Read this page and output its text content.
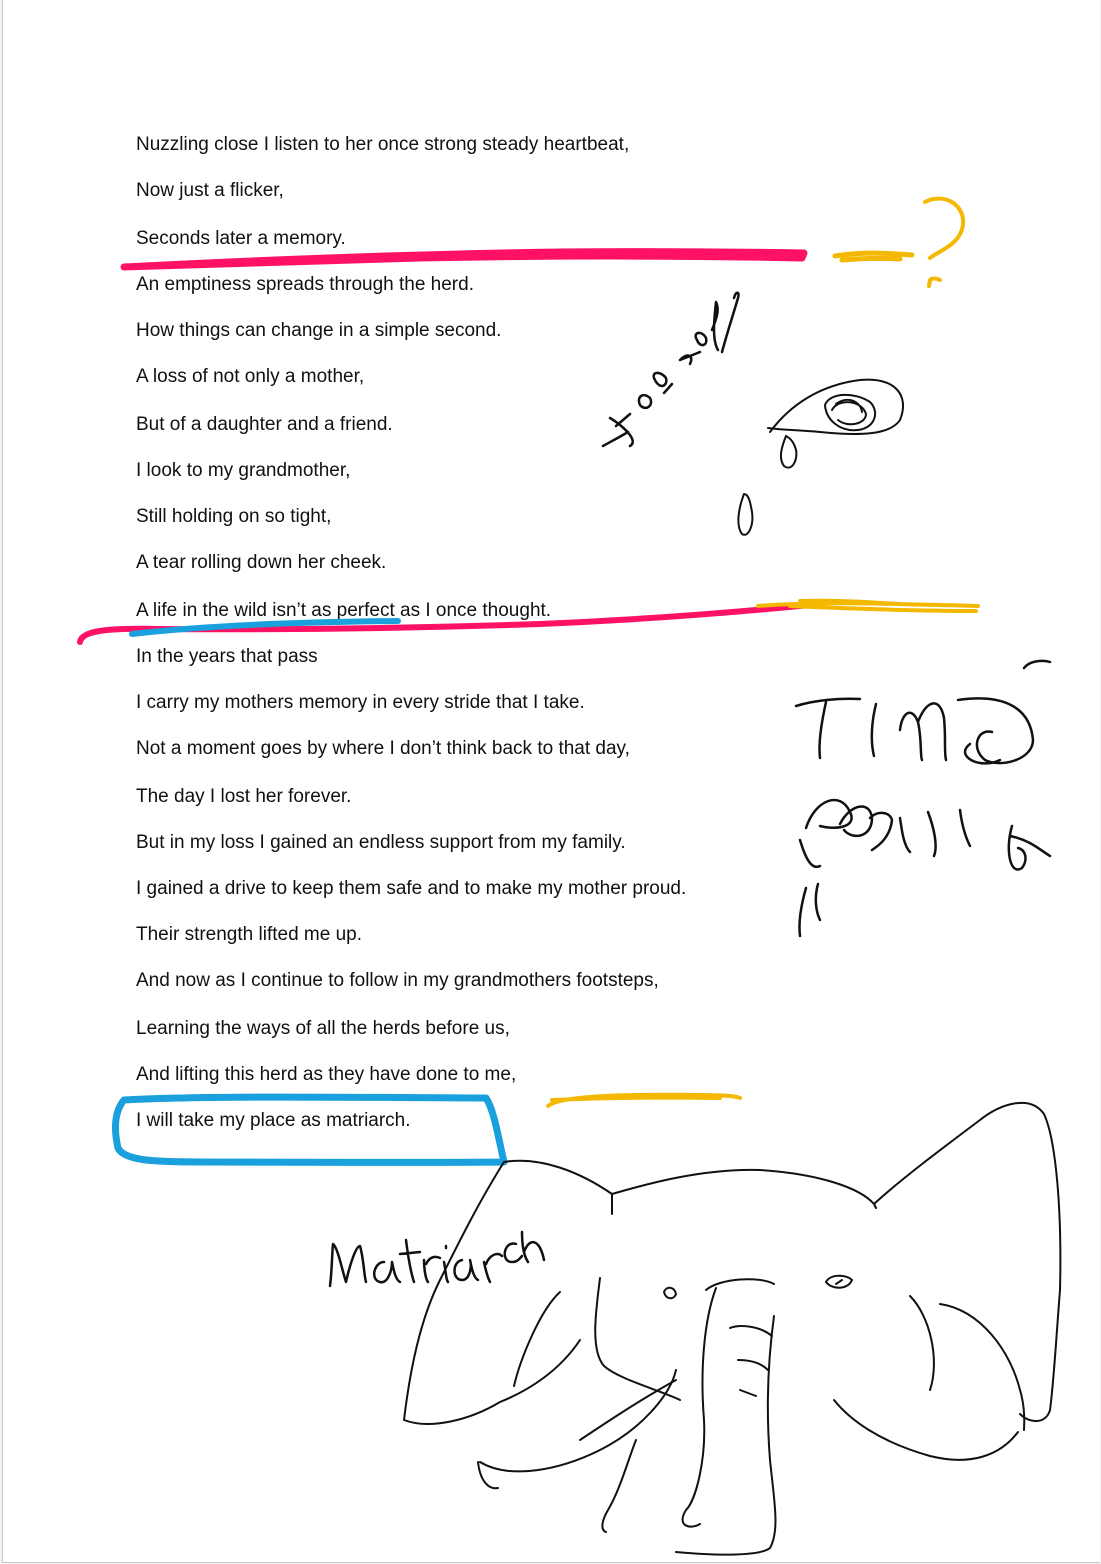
Nuzzling close I listen to her once strong steady heartbeat,

Now just a flicker,

Seconds later a memory.

An emptiness spreads through the herd.

How things can change in a simple second.

A loss of not only a mother,

But of a daughter and a friend.

I look to my grandmother,

Still holding on so tight,

A tear rolling down her cheek.

A life in the wild isn’t as perfect as I once thought.

In the years that pass

I carry my mothers memory in every stride that I take.

Not a moment goes by where I don’t think back to that day,

The day I lost her forever.

But in my loss I gained an endless support from my family.

I gained a drive to keep them safe and to make my mother proud.

Their strength lifted me up.

And now as I continue to follow in my grandmothers footsteps,

Learning the ways of all the herds before us,

And lifting this herd as they have done to me,

I will take my place as matriarch.
